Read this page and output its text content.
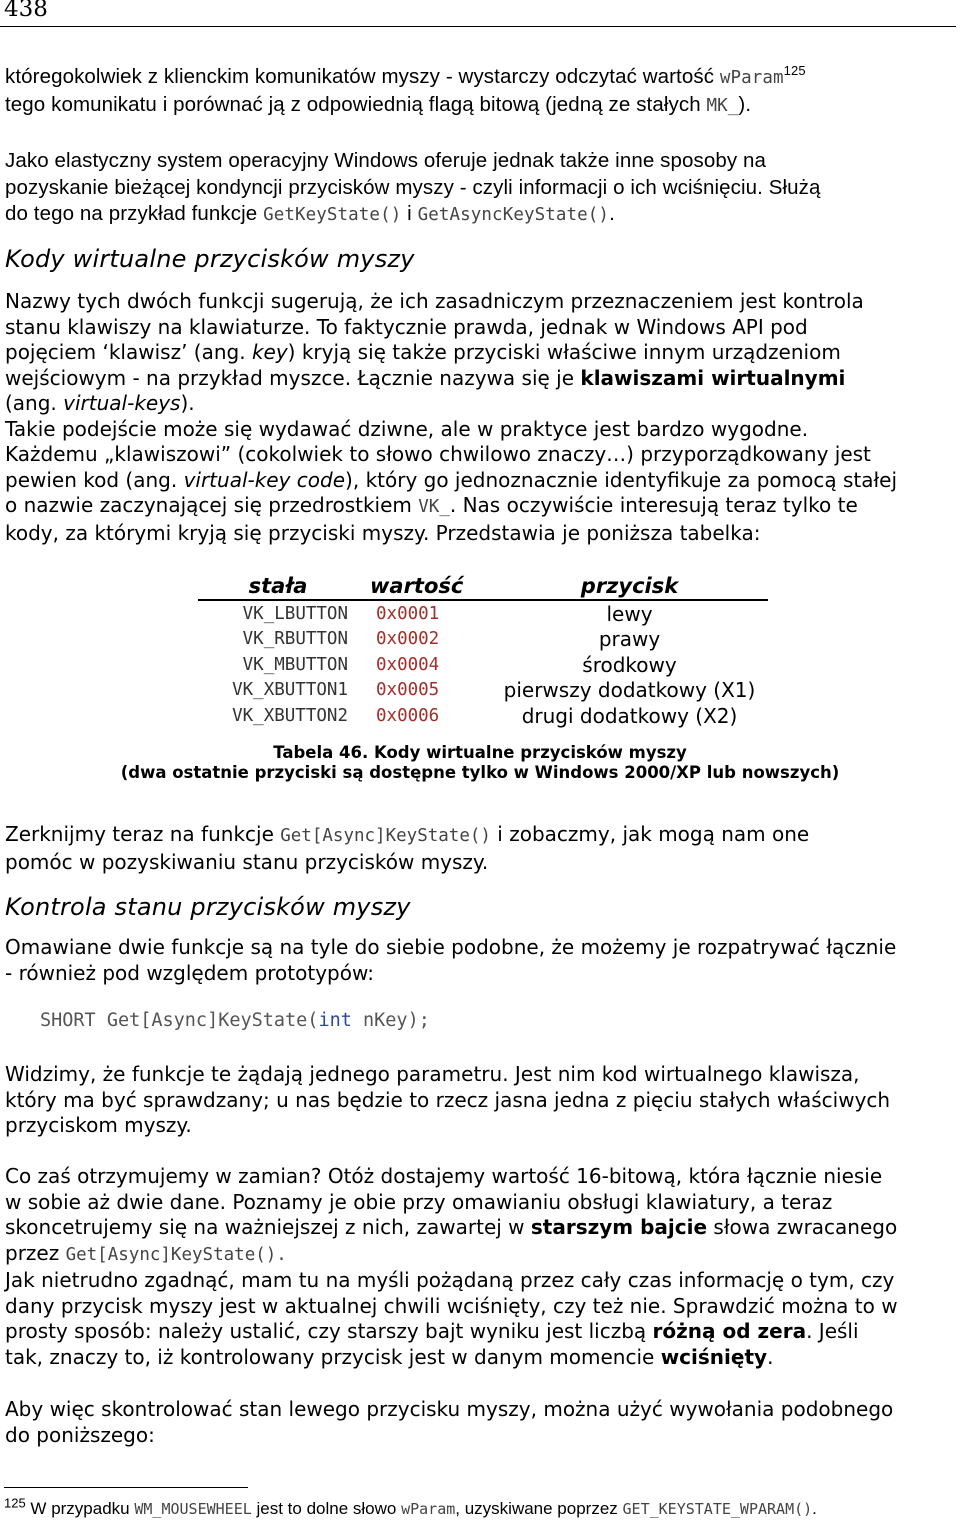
438

któregokolwiek z klienckim komunikatów myszy - wystarczy odczytać wartość wParam$^{125}$

tego komunikatu i porównać ją z odpowiednią flagą bitową (jedną ze stałych MK_).

Jako elastyczny system operacyjny Windows oferuje jednak także inne sposoby na

pozyskanie bieżącej kondyncji przycisków myszy - czyli informacji o ich wciśnięciu. Służą

do tego na przykład funkcje GetKeyState() i GetAsyncKeyState().

Kody wirtualne przycisków myszy

Nazwy tych dwóch funkcji sugerują, że ich zasadniczym przeznaczeniem jest kontrola

stanu klawiszy na klawiaturze. To faktycznie prawda, jednak w Windows API pod

pojęciem ‘klawisz’ (ang. key) kryją się także przyciski właściwe innym urządzeniom

wejściowym - na przykład myszce. Łącznie nazywa się je klawiszami wirtualnymi

(ang. virtual-keys).

Takie podejście może się wydawać dziwne, ale w praktyce jest bardzo wygodne.

Każdemu „klawiszowi” (cokolwiek to słowo chwilowo znaczy…) przyporządkowany jest

pewien kod (ang. virtual-key code), który go jednoznacznie identyfikuje za pomocą stałej

o nazwie zaczynającej się przedrostkiem VK_. Nas oczywiście interesują teraz tylko te

kody, za którymi kryją się przyciski myszy. Przedstawia je poniższa tabelka:

stała	wartość	przycisk
VK_LBUTTON	0x0001	lewy
VK_RBUTTON	0x0002	prawy
VK_MBUTTON	0x0004	środkowy
VK_XBUTTON1	0x0005	pierwszy dodatkowy (X1)
VK_XBUTTON2	0x0006	drugi dodatkowy (X2)
Tabela 46. Kody wirtualne przycisków myszy
(dwa ostatnie przyciski są dostępne tylko w Windows 2000/XP lub nowszych)

Zerknijmy teraz na funkcje Get[Async]KeyState() i zobaczmy, jak mogą nam one

pomóc w pozyskiwaniu stanu przycisków myszy.

Kontrola stanu przycisków myszy

Omawiane dwie funkcje są na tyle do siebie podobne, że możemy je rozpatrywać łącznie

- również pod względem prototypów:

SHORT Get[Async]KeyState(int nKey);

Widzimy, że funkcje te żądają jednego parametru. Jest nim kod wirtualnego klawisza,

który ma być sprawdzany; u nas będzie to rzecz jasna jedna z pięciu stałych właściwych

przyciskom myszy.

Co zaś otrzymujemy w zamian? Otóż dostajemy wartość 16-bitową, która łącznie niesie

w sobie aż dwie dane. Poznamy je obie przy omawianiu obsługi klawiatury, a teraz

skoncetrujemy się na ważniejszej z nich, zawartej w starszym bajcie słowa zwracanego

przez Get[Async]KeyState().

Jak nietrudno zgadnąć, mam tu na myśli pożądaną przez cały czas informację o tym, czy

dany przycisk myszy jest w aktualnej chwili wciśnięty, czy też nie. Sprawdzić można to w

prosty sposób: należy ustalić, czy starszy bajt wyniku jest liczbą różną od zera. Jeśli

tak, znaczy to, iż kontrolowany przycisk jest w danym momencie wciśnięty.

Aby więc skontrolować stan lewego przycisku myszy, można użyć wywołania podobnego

do poniższego:

$^{125}$ W przypadku WM_MOUSEWHEEL jest to dolne słowo wParam, uzyskiwane poprzez GET_KEYSTATE_WPARAM().
